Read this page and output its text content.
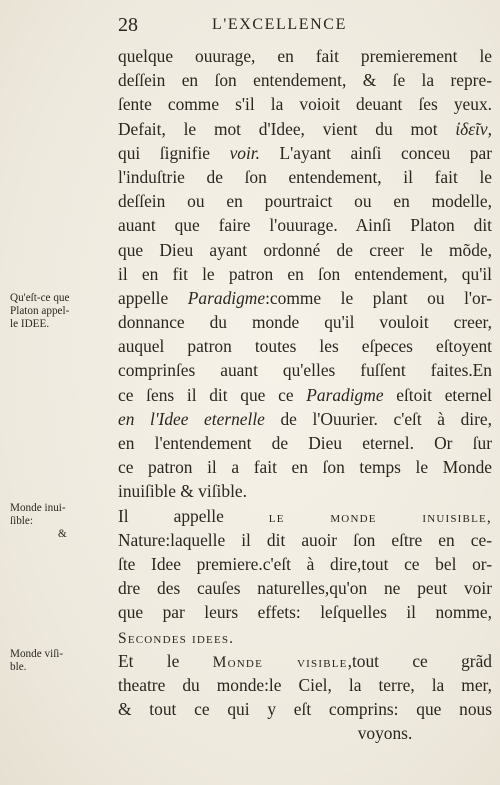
28	L'EXCELLENCE
quelque ouurage, en fait premierement le
deſſein en ſon entendement, & ſe la repre-
ſente comme s'il la voioit deuant ſes yeux.
Defait, le mot d'Idee, vient du mot ἰδεῖν,
qui ſignifie voir. L'ayant ainſi conceu par
l'induſtrie de ſon entendement, il fait le
deſſein ou en pourtraict ou en modelle,
auant que faire l'ouurage. Ainſi Platon dit
que Dieu ayant ordonné de creer le mõde,
il en fit le patron en ſon entendement, qu'il
appelle Paradigme:comme le plant ou l'or-
donnance du monde qu'il vouloit creer,
auquel patron toutes les eſpeces eſtoyent
comprinſes auant qu'elles fuſſent faites.En
ce ſens il dit que ce Paradigme eſtoit eternel
en l'Idee eternelle de l'Ouurier. c'eſt à dire,
en l'entendement de Dieu eternel. Or ſur
ce patron il a fait en ſon temps le Monde
inuiſible & viſible.
Il appelle le monde inuisible,
Nature:laquelle il dit auoir ſon eſtre en ce-
ſte Idee premiere.c'eſt à dire,tout ce bel or-
dre des cauſes naturelles,qu'on ne peut voir
que par leurs effets: leſquelles il nomme,
Secondes idees.
Et le Monde visible,tout ce grãd
theatre du monde:le Ciel, la terre, la mer,
& tout ce qui y eſt comprins: que nous
voyons.
Qu'eſt-ce que
Platon appel-
le IDEE.
Monde inui-
ſible:
&
Monde viſi-
ble.
